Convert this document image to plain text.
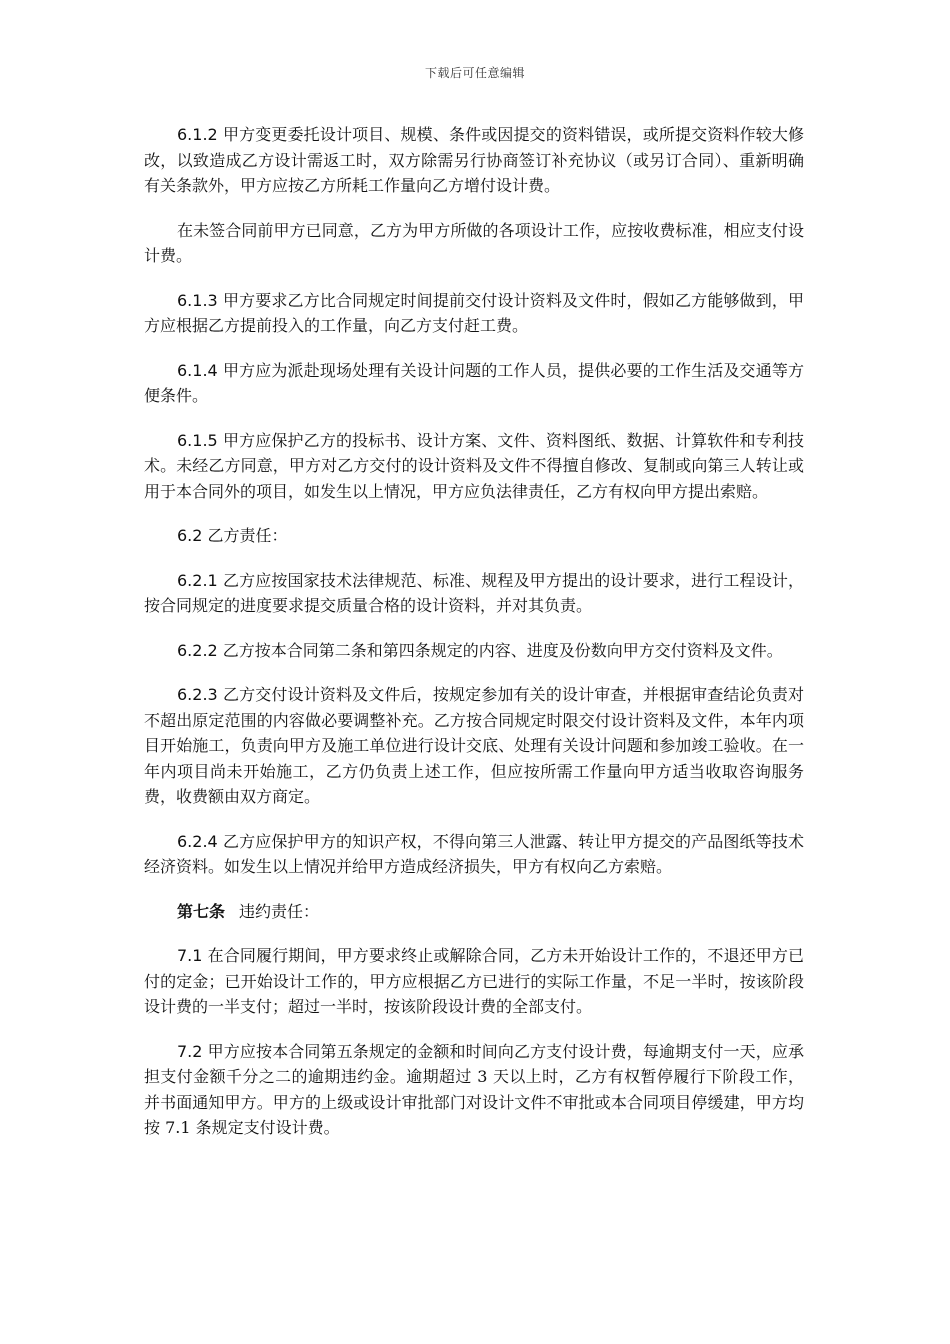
下载后可任意编辑

6.1.2 甲方变更委托设计项目、规模、条件或因提交的资料错误，或所提交资料作较大修改，以致造成乙方设计需返工时，双方除需另行协商签订补充协议（或另订合同）、重新明确有关条款外，甲方应按乙方所耗工作量向乙方增付设计费。

在未签合同前甲方已同意，乙方为甲方所做的各项设计工作，应按收费标准，相应支付设计费。

6.1.3 甲方要求乙方比合同规定时间提前交付设计资料及文件时，假如乙方能够做到，甲方应根据乙方提前投入的工作量，向乙方支付赶工费。

6.1.4 甲方应为派赴现场处理有关设计问题的工作人员，提供必要的工作生活及交通等方便条件。

6.1.5 甲方应保护乙方的投标书、设计方案、文件、资料图纸、数据、计算软件和专利技术。未经乙方同意，甲方对乙方交付的设计资料及文件不得擅自修改、复制或向第三人转让或用于本合同外的项目，如发生以上情况，甲方应负法律责任，乙方有权向甲方提出索赔。

6.2 乙方责任：

6.2.1 乙方应按国家技术法律规范、标准、规程及甲方提出的设计要求，进行工程设计，按合同规定的进度要求提交质量合格的设计资料，并对其负责。

6.2.2 乙方按本合同第二条和第四条规定的内容、进度及份数向甲方交付资料及文件。

6.2.3 乙方交付设计资料及文件后，按规定参加有关的设计审查，并根据审查结论负责对不超出原定范围的内容做必要调整补充。乙方按合同规定时限交付设计资料及文件，本年内项目开始施工，负责向甲方及施工单位进行设计交底、处理有关设计问题和参加竣工验收。在一年内项目尚未开始施工，乙方仍负责上述工作，但应按所需工作量向甲方适当收取咨询服务费，收费额由双方商定。

6.2.4 乙方应保护甲方的知识产权，不得向第三人泄露、转让甲方提交的产品图纸等技术经济资料。如发生以上情况并给甲方造成经济损失，甲方有权向乙方索赔。

第七条 违约责任：

7.1 在合同履行期间，甲方要求终止或解除合同，乙方未开始设计工作的，不退还甲方已付的定金；已开始设计工作的，甲方应根据乙方已进行的实际工作量，不足一半时，按该阶段设计费的一半支付；超过一半时，按该阶段设计费的全部支付。

7.2 甲方应按本合同第五条规定的金额和时间向乙方支付设计费，每逾期支付一天，应承担支付金额千分之二的逾期违约金。逾期超过 3 天以上时，乙方有权暂停履行下阶段工作，并书面通知甲方。甲方的上级或设计审批部门对设计文件不审批或本合同项目停缓建，甲方均按 7.1 条规定支付设计费。
